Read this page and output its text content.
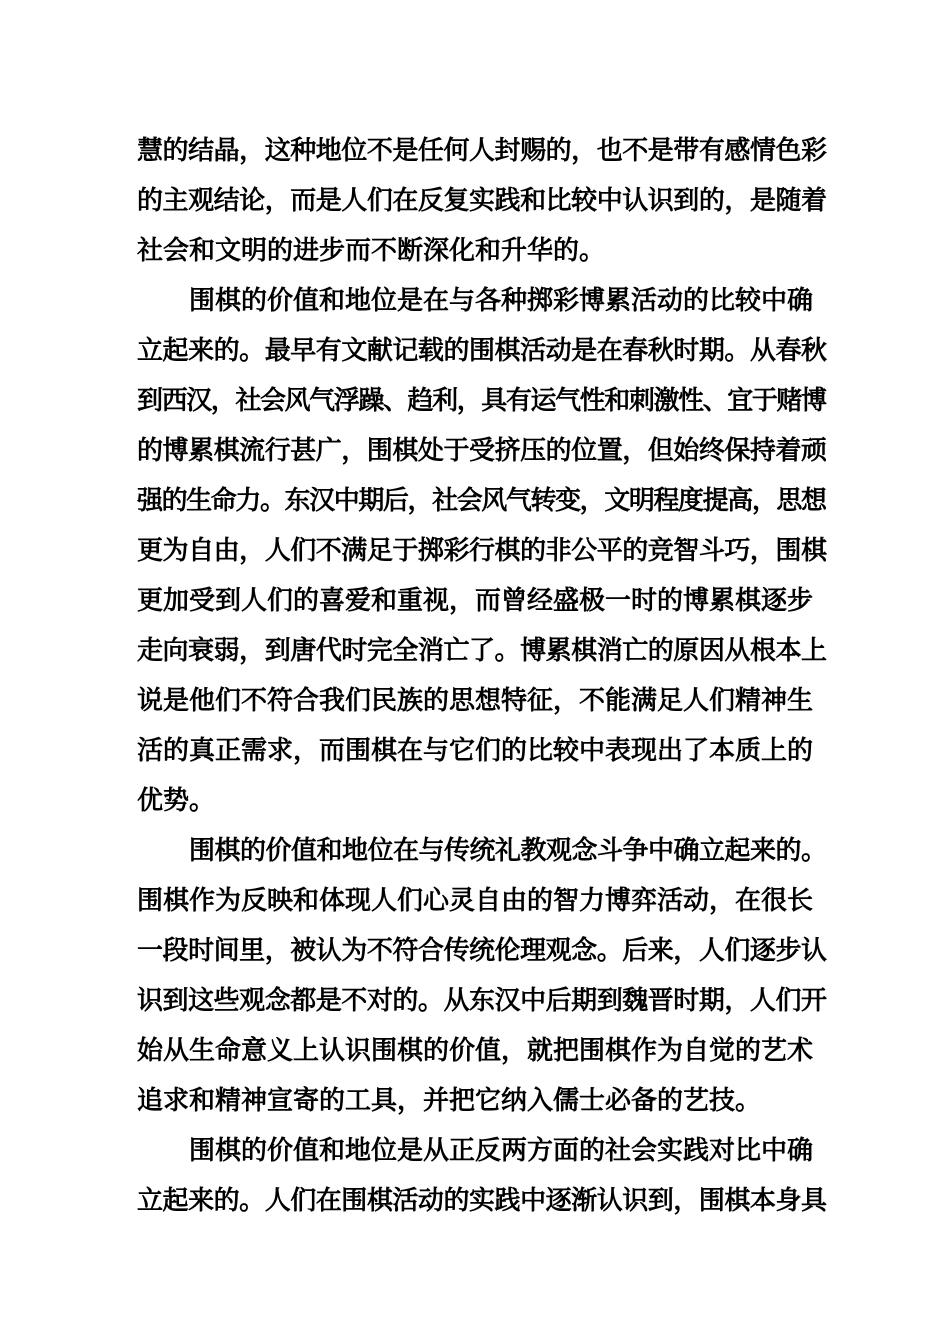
慧的结晶，这种地位不是任何人封赐的，也不是带有感情色彩
的主观结论，而是人们在反复实践和比较中认识到的，是随着
社会和文明的进步而不断深化和升华的。
围棋的价值和地位是在与各种掷彩博累活动的比较中确
立起来的。最早有文献记载的围棋活动是在春秋时期。从春秋
到西汉，社会风气浮躁、趋利，具有运气性和刺激性、宜于赌博
的博累棋流行甚广，围棋处于受挤压的位置，但始终保持着顽
强的生命力。东汉中期后，社会风气转变，文明程度提高，思想
更为自由，人们不满足于掷彩行棋的非公平的竞智斗巧，围棋
更加受到人们的喜爱和重视，而曾经盛极一时的博累棋逐步
走向衰弱，到唐代时完全消亡了。博累棋消亡的原因从根本上
说是他们不符合我们民族的思想特征，不能满足人们精神生
活的真正需求，而围棋在与它们的比较中表现出了本质上的
优势。
围棋的价值和地位在与传统礼教观念斗争中确立起来的。
围棋作为反映和体现人们心灵自由的智力博弈活动，在很长
一段时间里，被认为不符合传统伦理观念。后来，人们逐步认
识到这些观念都是不对的。从东汉中后期到魏晋时期，人们开
始从生命意义上认识围棋的价值，就把围棋作为自觉的艺术
追求和精神宣寄的工具，并把它纳入儒士必备的艺技。
围棋的价值和地位是从正反两方面的社会实践对比中确
立起来的。人们在围棋活动的实践中逐渐认识到，围棋本身具
